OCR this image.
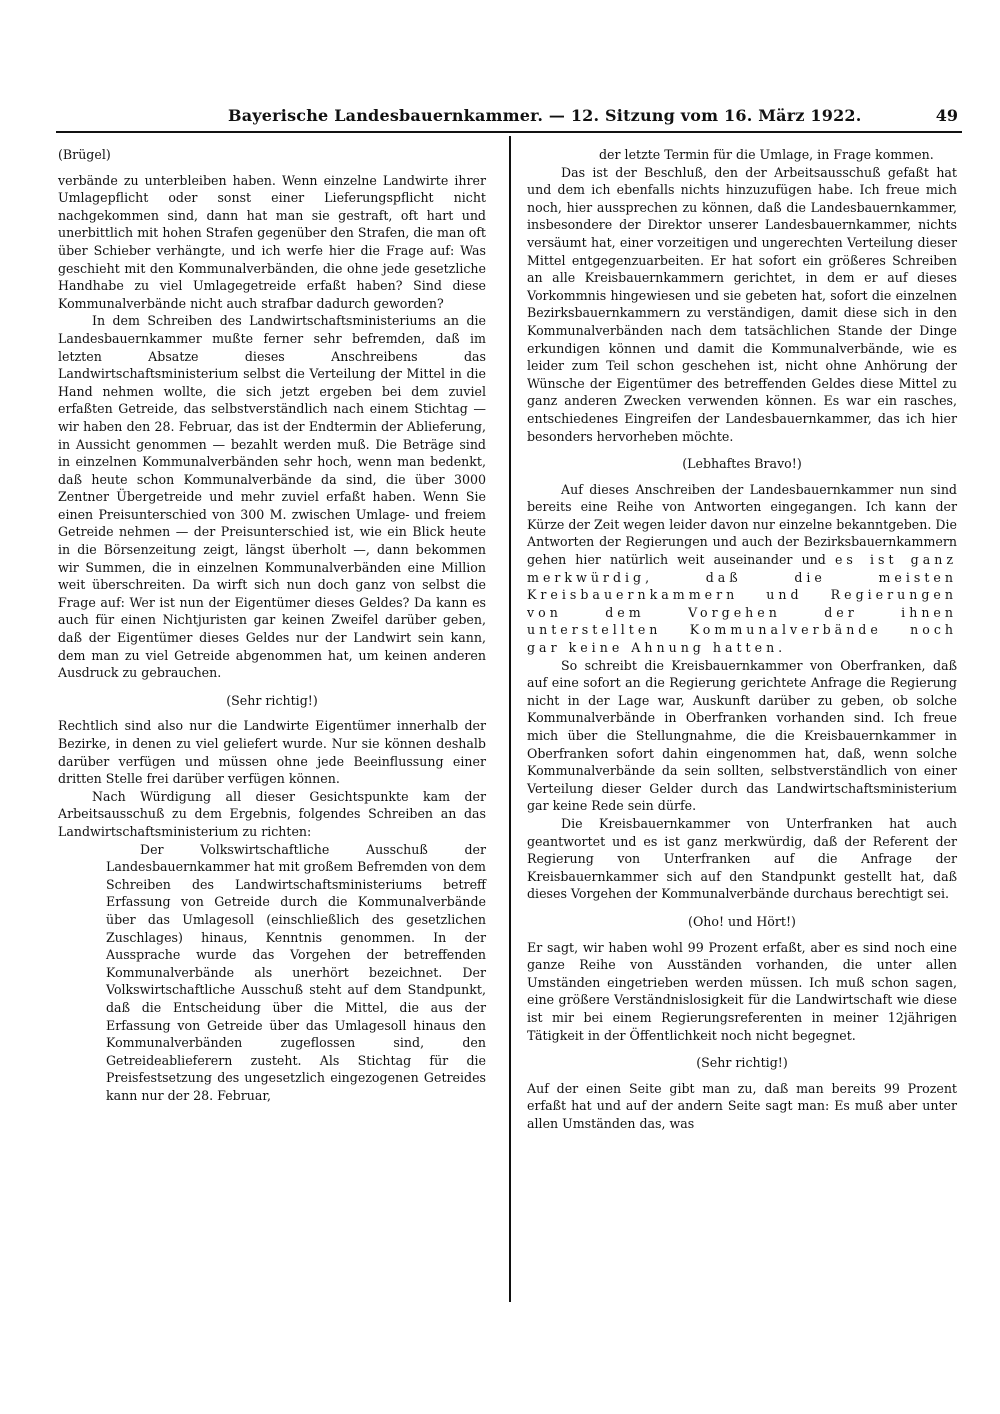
Bayerische Landesbauernkammer. — 12. Sitzung vom 16. März 1922.	49

(Brügel)

verbände zu unterbleiben haben. Wenn einzelne Landwirte ihrer Umlagepflicht oder sonst einer Lieferungspflicht nicht nachgekommen sind, dann hat man sie gestraft, oft hart und unerbittlich mit hohen Strafen gegenüber den Strafen, die man oft über Schieber verhängte, und ich werfe hier die Frage auf: Was geschieht mit den Kommunalverbänden, die ohne jede gesetzliche Handhabe zu viel Umlagegetreide erfaßt haben? Sind diese Kommunalverbände nicht auch strafbar dadurch geworden?

In dem Schreiben des Landwirtschaftsministeriums an die Landesbauernkammer mußte ferner sehr befremden, daß im letzten Absatze dieses Anschreibens das Landwirtschaftsministerium selbst die Verteilung der Mittel in die Hand nehmen wollte, die sich jetzt ergeben bei dem zuviel erfaßten Getreide, das selbstverständlich nach einem Stichtag — wir haben den 28. Februar, das ist der Endtermin der Ablieferung, in Aussicht genommen — bezahlt werden muß. Die Beträge sind in einzelnen Kommunalverbänden sehr hoch, wenn man bedenkt, daß heute schon Kommunalverbände da sind, die über 3000 Zentner Übergetreide und mehr zuviel erfaßt haben. Wenn Sie einen Preisunterschied von 300 M. zwischen Umlage- und freiem Getreide nehmen — der Preisunterschied ist, wie ein Blick heute in die Börsenzeitung zeigt, längst überholt —, dann bekommen wir Summen, die in einzelnen Kommunalverbänden eine Million weit überschreiten. Da wirft sich nun doch ganz von selbst die Frage auf: Wer ist nun der Eigentümer dieses Geldes? Da kann es auch für einen Nichtjuristen gar keinen Zweifel darüber geben, daß der Eigentümer dieses Geldes nur der Landwirt sein kann, dem man zu viel Getreide abgenommen hat, um keinen anderen Ausdruck zu gebrauchen.

(Sehr richtig!)

Rechtlich sind also nur die Landwirte Eigentümer innerhalb der Bezirke, in denen zu viel geliefert wurde. Nur sie können deshalb darüber verfügen und müssen ohne jede Beeinflussung einer dritten Stelle frei darüber verfügen können.

Nach Würdigung all dieser Gesichtspunkte kam der Arbeitsausschuß zu dem Ergebnis, folgendes Schreiben an das Landwirtschaftsministerium zu richten:

Der Volkswirtschaftliche Ausschuß der Landesbauernkammer hat mit großem Befremden von dem Schreiben des Landwirtschaftsministeriums betreff Erfassung von Getreide durch die Kommunalverbände über das Umlagesoll (einschließlich des gesetzlichen Zuschlages) hinaus, Kenntnis genommen. In der Aussprache wurde das Vorgehen der betreffenden Kommunalverbände als unerhört bezeichnet. Der Volkswirtschaftliche Ausschuß steht auf dem Standpunkt, daß die Entscheidung über die Mittel, die aus der Erfassung von Getreide über das Umlagesoll hinaus den Kommunalverbänden zugeflossen sind, den Getreideablieferern zusteht. Als Stichtag für die Preisfestsetzung des ungesetzlich eingezogenen Getreides kann nur der 28. Februar,

der letzte Termin für die Umlage, in Frage kommen.

Das ist der Beschluß, den der Arbeitsausschuß gefaßt hat und dem ich ebenfalls nichts hinzuzufügen habe. Ich freue mich noch, hier aussprechen zu können, daß die Landesbauernkammer, insbesondere der Direktor unserer Landesbauernkammer, nichts versäumt hat, einer vorzeitigen und ungerechten Verteilung dieser Mittel entgegenzuarbeiten. Er hat sofort ein größeres Schreiben an alle Kreisbauernkammern gerichtet, in dem er auf dieses Vorkommnis hingewiesen und sie gebeten hat, sofort die einzelnen Bezirksbauernkammern zu verständigen, damit diese sich in den Kommunalverbänden nach dem tatsächlichen Stande der Dinge erkundigen können und damit die Kommunalverbände, wie es leider zum Teil schon geschehen ist, nicht ohne Anhörung der Wünsche der Eigentümer des betreffenden Geldes diese Mittel zu ganz anderen Zwecken verwenden können. Es war ein rasches, entschiedenes Eingreifen der Landesbauernkammer, das ich hier besonders hervorheben möchte.

(Lebhaftes Bravo!)

Auf dieses Anschreiben der Landesbauernkammer nun sind bereits eine Reihe von Antworten eingegangen. Ich kann der Kürze der Zeit wegen leider davon nur einzelne bekanntgeben. Die Antworten der Regierungen und auch der Bezirksbauernkammern gehen hier natürlich weit auseinander und es ist ganz merkwürdig, daß die meisten Kreisbauernkammern und Regierungen von dem Vorgehen der ihnen unterstellten Kommunalverbände noch gar keine Ahnung hatten.

So schreibt die Kreisbauernkammer von Oberfranken, daß auf eine sofort an die Regierung gerichtete Anfrage die Regierung nicht in der Lage war, Auskunft darüber zu geben, ob solche Kommunalverbände in Oberfranken vorhanden sind. Ich freue mich über die Stellungnahme, die die Kreisbauernkammer in Oberfranken sofort dahin eingenommen hat, daß, wenn solche Kommunalverbände da sein sollten, selbstverständlich von einer Verteilung dieser Gelder durch das Landwirtschaftsministerium gar keine Rede sein dürfe.

Die Kreisbauernkammer von Unterfranken hat auch geantwortet und es ist ganz merkwürdig, daß der Referent der Regierung von Unterfranken auf die Anfrage der Kreisbauernkammer sich auf den Standpunkt gestellt hat, daß dieses Vorgehen der Kommunalverbände durchaus berechtigt sei.

(Oho! und Hört!)

Er sagt, wir haben wohl 99 Prozent erfaßt, aber es sind noch eine ganze Reihe von Ausständen vorhanden, die unter allen Umständen eingetrieben werden müssen. Ich muß schon sagen, eine größere Verständnislosigkeit für die Landwirtschaft wie diese ist mir bei einem Regierungsreferenten in meiner 12jährigen Tätigkeit in der Öffentlichkeit noch nicht begegnet.

(Sehr richtig!)

Auf der einen Seite gibt man zu, daß man bereits 99 Prozent erfaßt hat und auf der andern Seite sagt man: Es muß aber unter allen Umständen das, was
